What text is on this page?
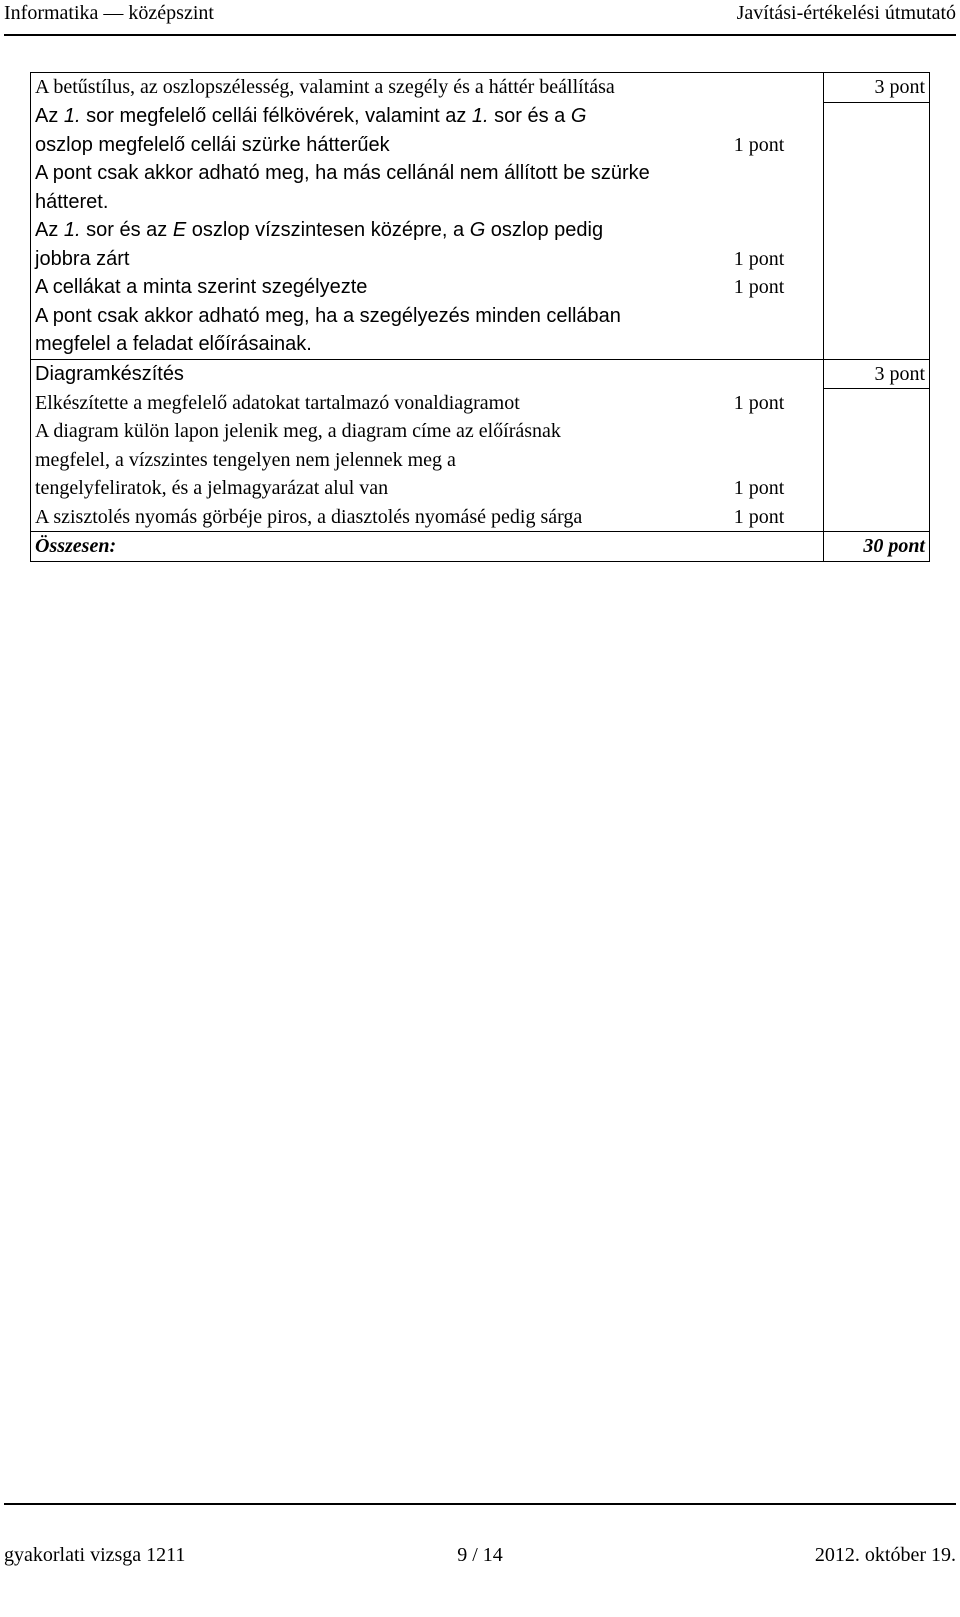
Informatika — középszint	Javítási-értékelési útmutató
A betűstílus, az oszlopszélesség, valamint a szegély és a háttér beállítása		3 pont
Az 1. sor megfelelő cellái félkövérek, valamint az 1. sor és a G		
oszlop megfelelő cellái szürke hátterűek	1 pont	
A pont csak akkor adható meg, ha más cellánál nem állított be szürke		
hátteret.		
Az 1. sor és az E oszlop vízszintesen középre, a G oszlop pedig		
jobbra zárt	1 pont	
A cellákat a minta szerint szegélyezte	1 pont	
A pont csak akkor adható meg, ha a szegélyezés minden cellában		
megfelel a feladat előírásainak.		
Diagramkészítés		3 pont
Elkészítette a megfelelő adatokat tartalmazó vonaldiagramot	1 pont	
A diagram külön lapon jelenik meg, a diagram címe az előírásnak		
megfelel, a vízszintes tengelyen nem jelennek meg a		
tengelyfeliratok, és a jelmagyarázat alul van	1 pont	
A szisztolés nyomás görbéje piros, a diasztolés nyomásé pedig sárga	1 pont	
Összesen:		30 pont
gyakorlati vizsga 1211	9 / 14	2012. október 19.
